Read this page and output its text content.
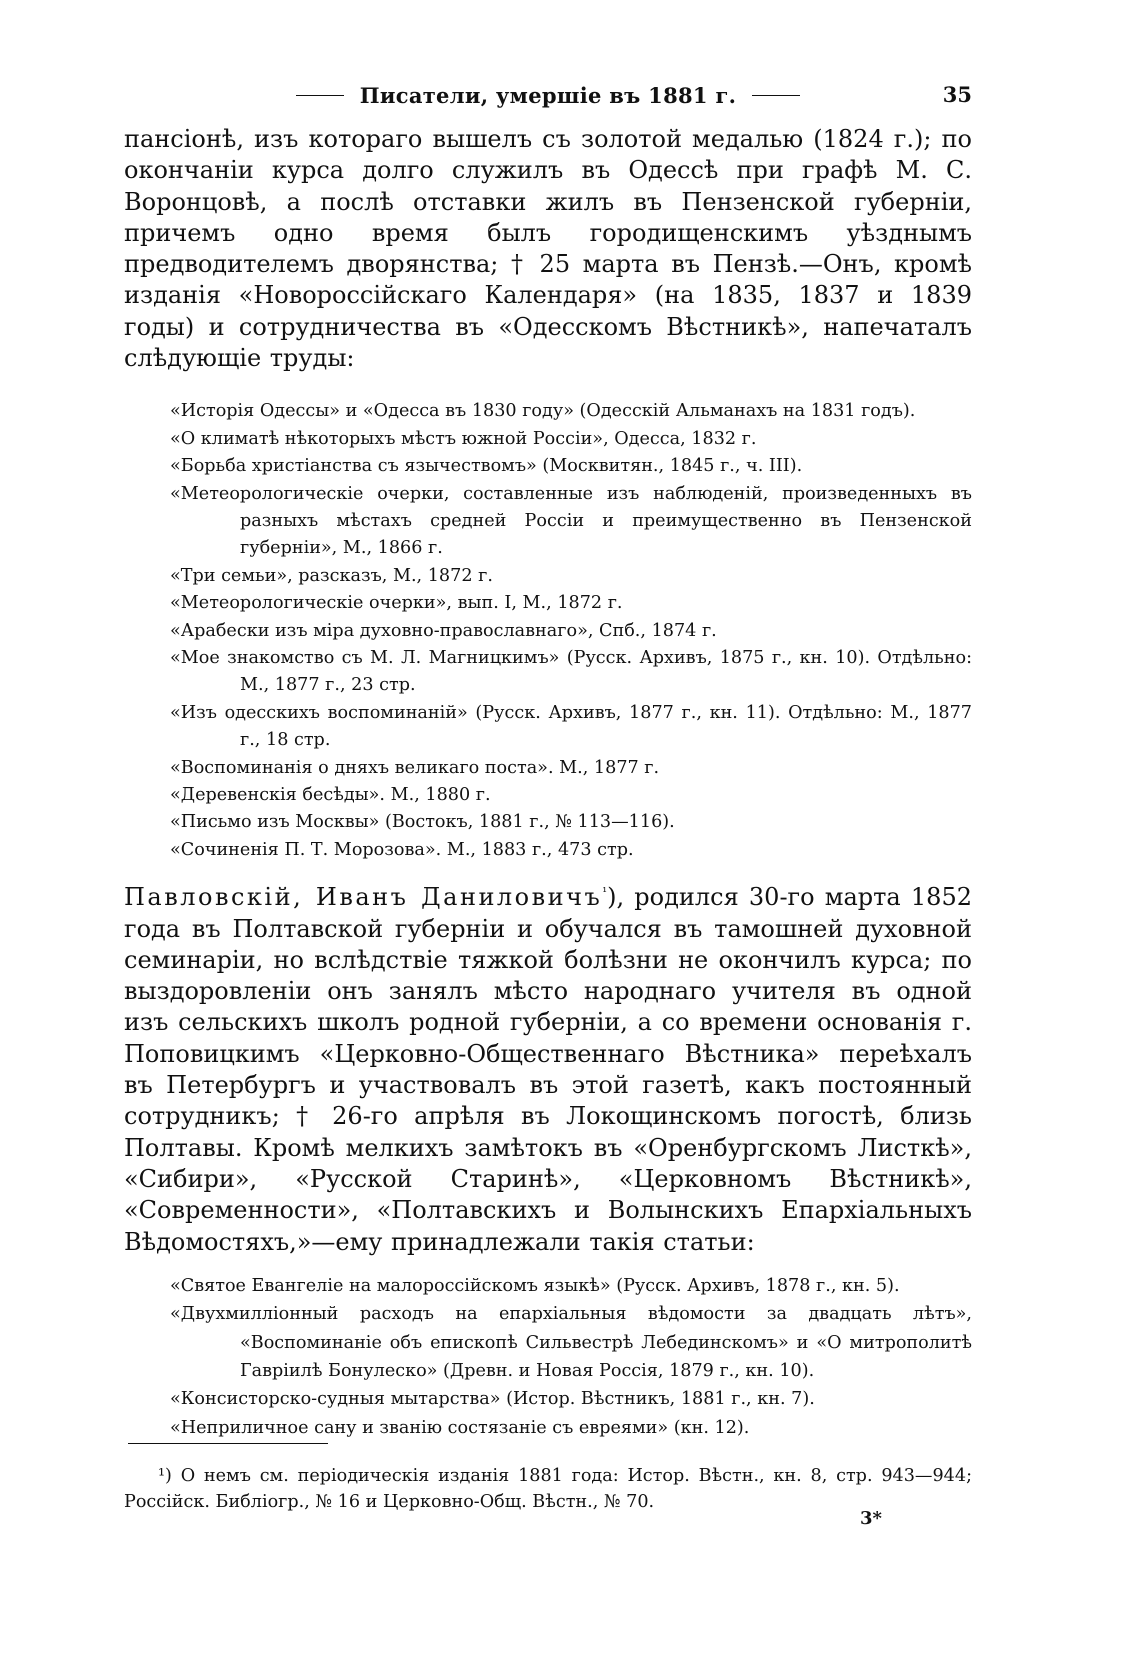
Писатели, умершіе въ 1881 г.	35

пансіонѣ, изъ котораго вышелъ съ золотой медалью (1824 г.); по окончаніи курса долго служилъ въ Одессѣ при графѣ М. С. Воронцовѣ, а послѣ отставки жилъ въ Пензенской губерніи, причемъ одно время былъ городищенскимъ уѣзднымъ предводителемъ дворянства; † 25 марта въ Пензѣ.—Онъ, кромѣ изданія «Новороссійскаго Календаря» (на 1835, 1837 и 1839 годы) и сотрудничества въ «Одесскомъ Вѣстникѣ», напечаталъ слѣдующіе труды:

«Исторія Одессы» и «Одесса въ 1830 году» (Одесскій Альманахъ на 1831 годъ).
«О климатѣ нѣкоторыхъ мѣстъ южной Россіи», Одесса, 1832 г.
«Борьба христіанства съ язычествомъ» (Москвитян., 1845 г., ч. III).
«Метеорологическіе очерки, составленные изъ наблюденій, произведенныхъ въ разныхъ мѣстахъ средней Россіи и преимущественно въ Пензенской губерніи», М., 1866 г.
«Три семьи», разсказъ, М., 1872 г.
«Метеорологическіе очерки», вып. I, М., 1872 г.
«Арабески изъ міра духовно-православнаго», Спб., 1874 г.
«Мое знакомство съ М. Л. Магницкимъ» (Русск. Архивъ, 1875 г., кн. 10). Отдѣльно: М., 1877 г., 23 стр.
«Изъ одесскихъ воспоминаній» (Русск. Архивъ, 1877 г., кн. 11). Отдѣльно: М., 1877 г., 18 стр.
«Воспоминанія о дняхъ великаго поста». М., 1877 г.
«Деревенскія бесѣды». М., 1880 г.
«Письмо изъ Москвы» (Востокъ, 1881 г., № 113—116).
«Сочиненія П. Т. Морозова». М., 1883 г., 473 стр.

Павловскій, Иванъ Даниловичъ$^{^1}$), родился 30-го марта 1852 года въ Полтавской губерніи и обучался въ тамошней духовной семинаріи, но вслѣдствіе тяжкой болѣзни не окончилъ курса; по выздоровленіи онъ занялъ мѣсто народнаго учителя въ одной изъ сельскихъ школъ родной губерніи, а со времени основанія г. Поповицкимъ «Церковно-Общественнаго Вѣстника» переѣхалъ въ Петербургъ и участвовалъ въ этой газетѣ, какъ постоянный сотрудникъ; † 26-го апрѣля въ Локощинскомъ погостѣ, близь Полтавы. Кромѣ мелкихъ замѣтокъ въ «Оренбургскомъ Листкѣ», «Сибири», «Русской Старинѣ», «Церковномъ Вѣстникѣ», «Современности», «Полтавскихъ и Волынскихъ Епархіальныхъ Вѣдомостяхъ,»—ему принадлежали такія статьи:

«Святое Евангеліе на малороссійскомъ языкѣ» (Русск. Архивъ, 1878 г., кн. 5).
«Двухмилліонный расходъ на епархіальныя вѣдомости за двадцать лѣтъ», «Воспоминаніе объ епископѣ Сильвестрѣ Лебединскомъ» и «О митрополитѣ Гавріилѣ Бонулеско» (Древн. и Новая Россія, 1879 г., кн. 10).
«Консисторско-судныя мытарства» (Истор. Вѣстникъ, 1881 г., кн. 7).
«Неприличное сану и званію состязаніе съ евреями» (кн. 12).

¹) О немъ см. періодическія изданія 1881 года: Истор. Вѣстн., кн. 8, стр. 943—944; Россійск. Библіогр., № 16 и Церковно-Общ. Вѣстн., № 70.

3*
